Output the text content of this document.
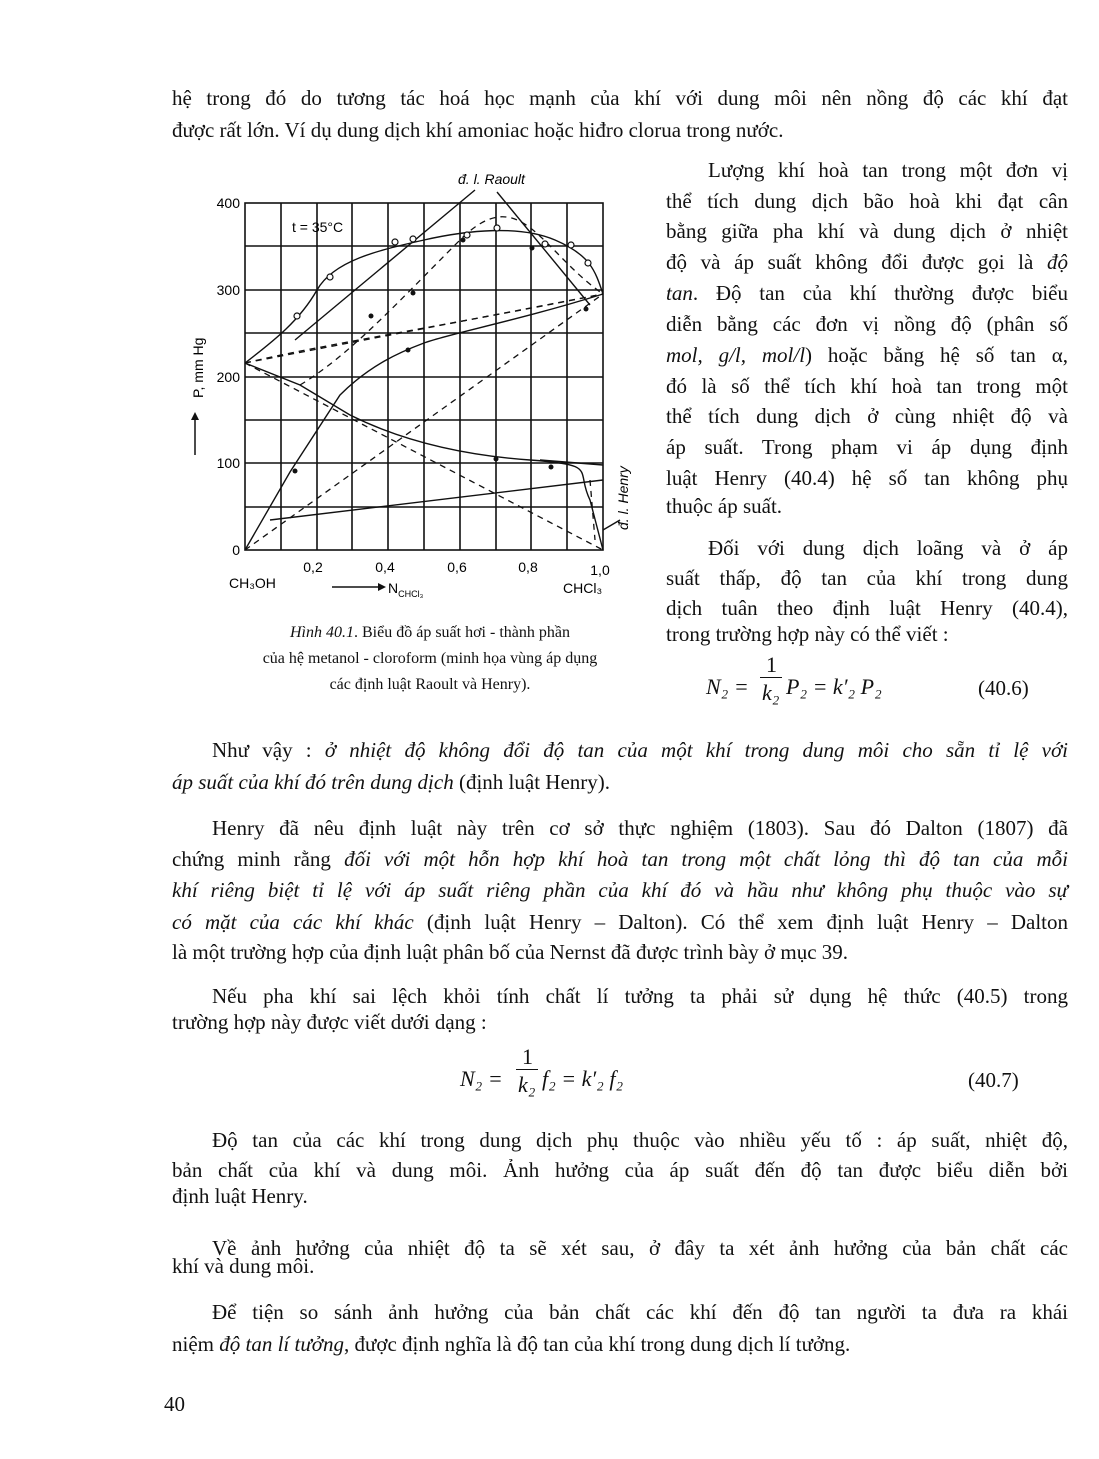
hệ trong đó do tương tác hoá học mạnh của khí với dung môi nên nồng độ các khí đạt
được rất lớn. Ví dụ dung dịch khí amoniac hoặc hiđro clorua trong nước.
400
300
200
100
0
0,2	0,4	0,6	0,8	1,0
CH₃OH	CHCl₃
$N_{CHCl_3}$
P, mm Hg
t = 35°C
đ. l. Raoult
đ. l. Henry
Hình 40.1. Biểu đồ áp suất hơi - thành phần
của hệ metanol - cloroform (minh họa vùng áp dụng
các định luật Raoult và Henry).
Lượng khí hoà tan trong một đơn vị
thể tích dung dịch bão hoà khi đạt cân
bằng giữa pha khí và dung dịch ở nhiệt
độ và áp suất không đổi được gọi là độ
tan. Độ tan của khí thường được biểu
diễn bằng các đơn vị nồng độ (phân số
mol, g/l, mol/l) hoặc bằng hệ số tan α,
đó là số thể tích khí hoà tan trong một
thể tích dung dịch ở cùng nhiệt độ và
áp suất. Trong phạm vi áp dụng định
luật Henry (40.4) hệ số tan không phụ
thuộc áp suất.
Đối với dung dịch loãng và ở áp
suất thấp, độ tan của khí trong dung
dịch tuân theo định luật Henry (40.4),
trong trường hợp này có thể viết :
N₂ =
1
k₂ P₂ = k′₂ P₂	(40.6)
Như vậy : ở nhiệt độ không đổi độ tan của một khí trong dung môi cho sẵn tỉ lệ với
áp suất của khí đó trên dung dịch (định luật Henry).
Henry đã nêu định luật này trên cơ sở thực nghiệm (1803). Sau đó Dalton (1807) đã
chứng minh rằng đối với một hỗn hợp khí hoà tan trong một chất lỏng thì độ tan của mỗi
khí riêng biệt tỉ lệ với áp suất riêng phần của khí đó và hầu như không phụ thuộc vào sự
có mặt của các khí khác (định luật Henry – Dalton). Có thể xem định luật Henry – Dalton
là một trường hợp của định luật phân bố của Nernst đã được trình bày ở mục 39.
Nếu pha khí sai lệch khỏi tính chất lí tưởng ta phải sử dụng hệ thức (40.5) trong
trường hợp này được viết dưới dạng :
N₂ =
1
k₂ f₂ = k′₂ f₂	(40.7)
Độ tan của các khí trong dung dịch phụ thuộc vào nhiều yếu tố : áp suất, nhiệt độ,
bản chất của khí và dung môi. Ảnh hưởng của áp suất đến độ tan được biểu diễn bởi
định luật Henry.
Về ảnh hưởng của nhiệt độ ta sẽ xét sau, ở đây ta xét ảnh hưởng của bản chất các
khí và dung môi.
Để tiện so sánh ảnh hưởng của bản chất các khí đến độ tan người ta đưa ra khái
niệm độ tan lí tưởng, được định nghĩa là độ tan của khí trong dung dịch lí tưởng.
40
